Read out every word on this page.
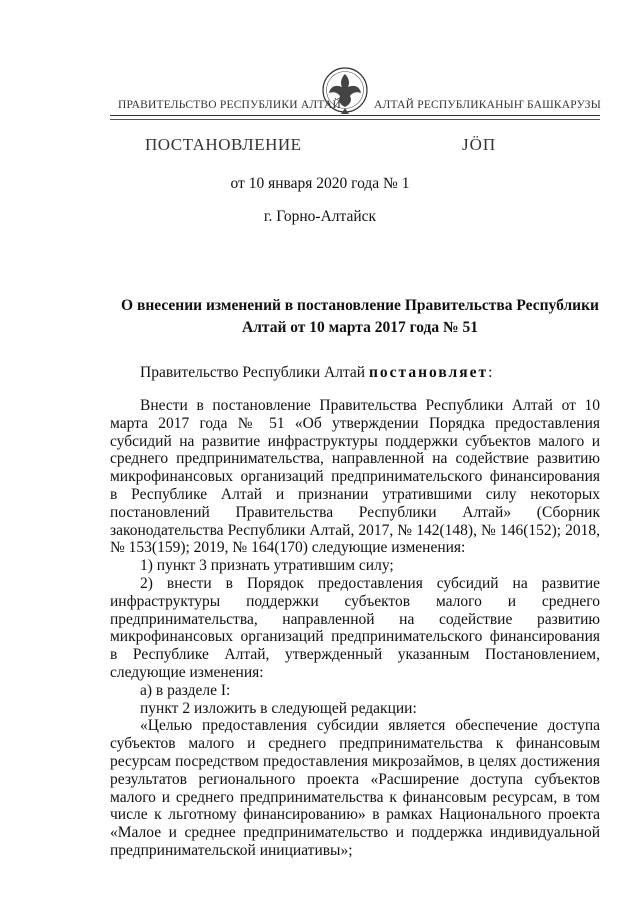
ПРАВИТЕЛЬСТВО РЕСПУБЛИКИ АЛТАЙ	АЛТАЙ РЕСПУБЛИКАНЫҤ БАШКАРУЗЫ
ПОСТАНОВЛЕНИЕ	ЈӦП
от 10 января 2020 года № 1
г. Горно-Алтайск
О внесении изменений в постановление Правительства Республики
Алтай от 10 марта 2017 года № 51
Правительство Республики Алтай постановляет:

Внести в постановление Правительства Республики Алтай от 10 марта 2017 года № 51 «Об утверждении Порядка предоставления субсидий на развитие инфраструктуры поддержки субъектов малого и среднего предпринимательства, направленной на содействие развитию микрофинансовых организаций предпринимательского финансирования в Республике Алтай и признании утратившими силу некоторых постановлений Правительства Республики Алтай» (Сборник законодательства Республики Алтай, 2017, № 142(148), № 146(152); 2018, № 153(159); 2019, № 164(170) следующие изменения:

1) пункт 3 признать утратившим силу;

2) внести в Порядок предоставления субсидий на развитие инфраструктуры поддержки субъектов малого и среднего предпринимательства, направленной на содействие развитию микрофинансовых организаций предпринимательского финансирования в Республике Алтай, утвержденный указанным Постановлением, следующие изменения:

а) в разделе I:

пункт 2 изложить в следующей редакции:

«Целью предоставления субсидии является обеспечение доступа субъектов малого и среднего предпринимательства к финансовым ресурсам посредством предоставления микрозаймов, в целях достижения результатов регионального проекта «Расширение доступа субъектов малого и среднего предпринимательства к финансовым ресурсам, в том числе к льготному финансированию» в рамках Национального проекта «Малое и среднее предпринимательство и поддержка индивидуальной предпринимательской инициативы»;
